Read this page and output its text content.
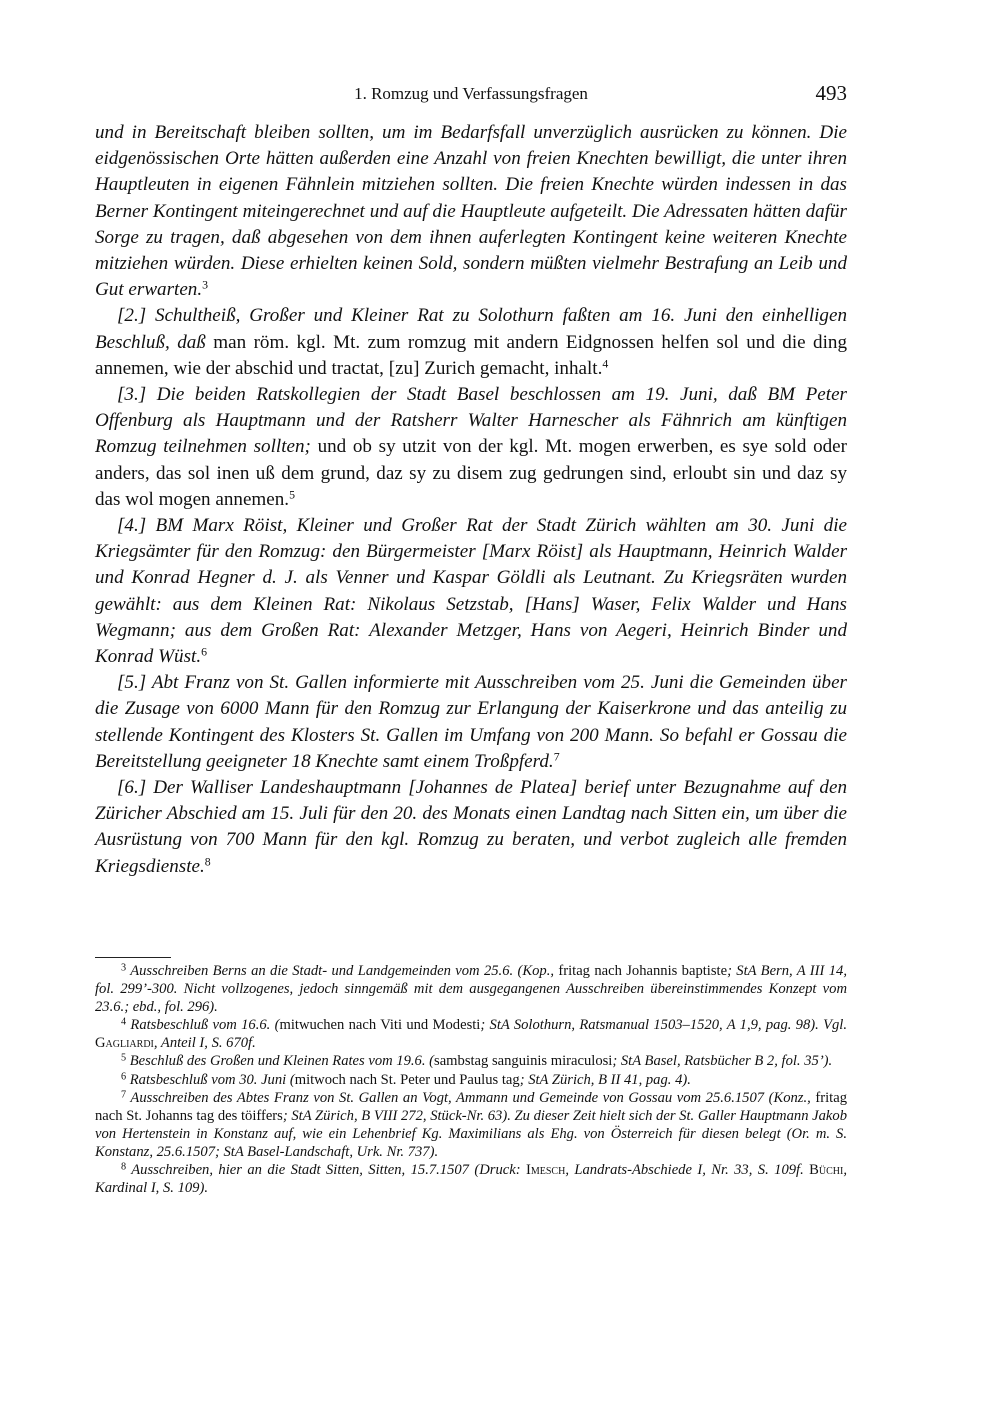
1. Romzug und Verfassungsfragen	493

und in Bereitschaft bleiben sollten, um im Bedarfsfall unverzüglich ausrücken zu können. Die eidgenössischen Orte hätten außerden eine Anzahl von freien Knechten bewilligt, die unter ihren Hauptleuten in eigenen Fähnlein mitziehen sollten. Die freien Knechte würden indessen in das Berner Kontingent miteingerechnet und auf die Hauptleute aufgeteilt. Die Adressaten hätten dafür Sorge zu tragen, daß abgesehen von dem ihnen auferlegten Kontingent keine weiteren Knechte mitziehen würden. Diese erhielten keinen Sold, sondern müßten vielmehr Bestrafung an Leib und Gut erwarten.$^3$

[2.] Schultheiß, Großer und Kleiner Rat zu Solothurn faßten am 16. Juni den einhelligen Beschluß, daß man röm. kgl. Mt. zum romzug mit andern Eidgnossen helfen sol und die ding annemen, wie der abschid und tractat, [zu] Zurich gemacht, inhalt.$^4$

[3.] Die beiden Ratskollegien der Stadt Basel beschlossen am 19. Juni, daß BM Peter Offenburg als Hauptmann und der Ratsherr Walter Harnescher als Fähnrich am künftigen Romzug teilnehmen sollten; und ob sy utzit von der kgl. Mt. mogen erwerben, es sye sold oder anders, das sol inen uß dem grund, daz sy zu disem zug gedrungen sind, erloubt sin und daz sy das wol mogen annemen.$^5$

[4.] BM Marx Röist, Kleiner und Großer Rat der Stadt Zürich wählten am 30. Juni die Kriegsämter für den Romzug: den Bürgermeister [Marx Röist] als Hauptmann, Heinrich Walder und Konrad Hegner d. J. als Venner und Kaspar Göldli als Leutnant. Zu Kriegsräten wurden gewählt: aus dem Kleinen Rat: Nikolaus Setzstab, [Hans] Waser, Felix Walder und Hans Wegmann; aus dem Großen Rat: Alexander Metzger, Hans von Aegeri, Heinrich Binder und Konrad Wüst.$^6$

[5.] Abt Franz von St. Gallen informierte mit Ausschreiben vom 25. Juni die Gemeinden über die Zusage von 6000 Mann für den Romzug zur Erlangung der Kaiserkrone und das anteilig zu stellende Kontingent des Klosters St. Gallen im Umfang von 200 Mann. So befahl er Gossau die Bereitstellung geeigneter 18 Knechte samt einem Troßpferd.$^7$

[6.] Der Walliser Landeshauptmann [Johannes de Platea] berief unter Bezugnahme auf den Züricher Abschied am 15. Juli für den 20. des Monats einen Landtag nach Sitten ein, um über die Ausrüstung von 700 Mann für den kgl. Romzug zu beraten, und verbot zugleich alle fremden Kriegsdienste.$^8$

$^3$ Ausschreiben Berns an die Stadt- und Landgemeinden vom 25.6. (Kop., fritag nach Johannis baptiste; StA Bern, A III 14, fol. 299’-300. Nicht vollzogenes, jedoch sinngemäß mit dem ausgegangenen Ausschreiben übereinstimmendes Konzept vom 23.6.; ebd., fol. 296).

$^4$ Ratsbeschluß vom 16.6. (mitwuchen nach Viti und Modesti; StA Solothurn, Ratsmanual 1503–1520, A 1,9, pag. 98). Vgl. Gagliardi, Anteil I, S. 670f.

$^5$ Beschluß des Großen und Kleinen Rates vom 19.6. (sambstag sanguinis miraculosi; StA Basel, Ratsbücher B 2, fol. 35’).

$^6$ Ratsbeschluß vom 30. Juni (mitwoch nach St. Peter und Paulus tag; StA Zürich, B II 41, pag. 4).

$^7$ Ausschreiben des Abtes Franz von St. Gallen an Vogt, Ammann und Gemeinde von Gossau vom 25.6.1507 (Konz., fritag nach St. Johanns tag des töiffers; StA Zürich, B VIII 272, Stück-Nr. 63). Zu dieser Zeit hielt sich der St. Galler Hauptmann Jakob von Hertenstein in Konstanz auf, wie ein Lehenbrief Kg. Maximilians als Ehg. von Österreich für diesen belegt (Or. m. S. Konstanz, 25.6.1507; StA Basel-Landschaft, Urk. Nr. 737).

$^8$ Ausschreiben, hier an die Stadt Sitten, Sitten, 15.7.1507 (Druck: Imesch, Landrats-Abschiede I, Nr. 33, S. 109f. Büchi, Kardinal I, S. 109).
